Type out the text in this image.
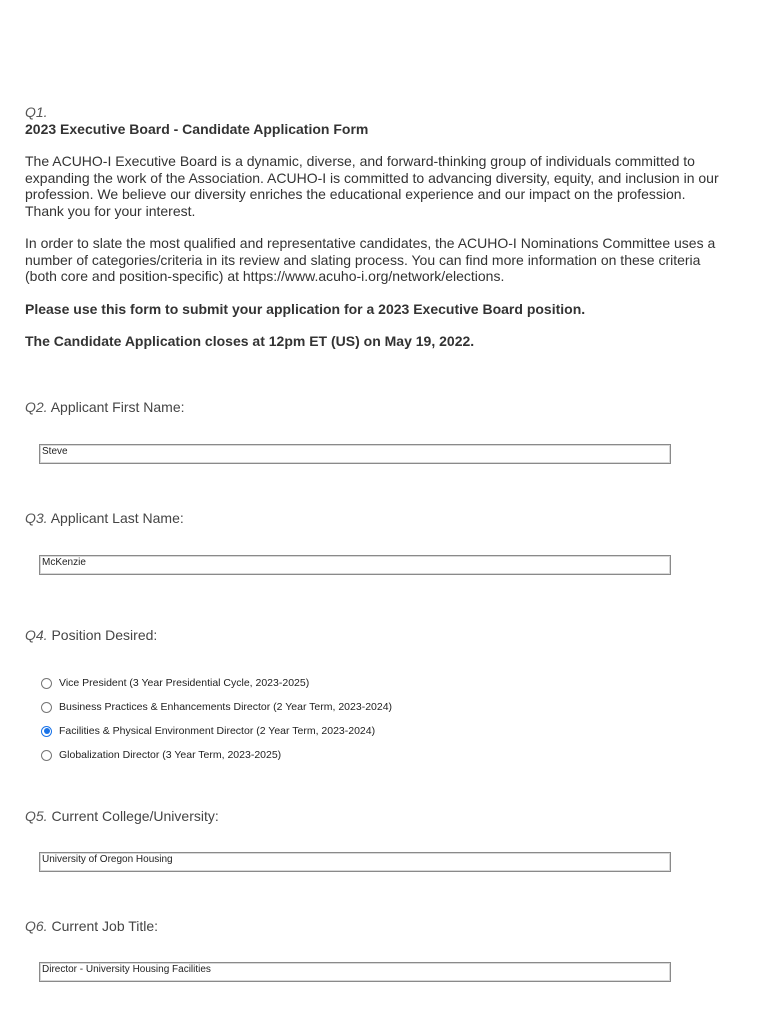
Q1.
2023 Executive Board - Candidate Application Form

The ACUHO-I Executive Board is a dynamic, diverse, and forward-thinking group of individuals committed to expanding the work of the Association. ACUHO-I is committed to advancing diversity, equity, and inclusion in our profession. We believe our diversity enriches the educational experience and our impact on the profession. Thank you for your interest.

In order to slate the most qualified and representative candidates, the ACUHO-I Nominations Committee uses a number of categories/criteria in its review and slating process. You can find more information on these criteria (both core and position-specific) at https://www.acuho-i.org/network/elections.

Please use this form to submit your application for a 2023 Executive Board position.

The Candidate Application closes at 12pm ET (US) on May 19, 2022.

Q2. Applicant First Name:
Steve
Q3. Applicant Last Name:
McKenzie
Q4. Position Desired:
Vice President (3 Year Presidential Cycle, 2023-2025)
Business Practices & Enhancements Director (2 Year Term, 2023-2024)
Facilities & Physical Environment Director (2 Year Term, 2023-2024)
Globalization Director (3 Year Term, 2023-2025)
Q5. Current College/University:
University of Oregon Housing
Q6. Current Job Title:
Director - University Housing Facilities
